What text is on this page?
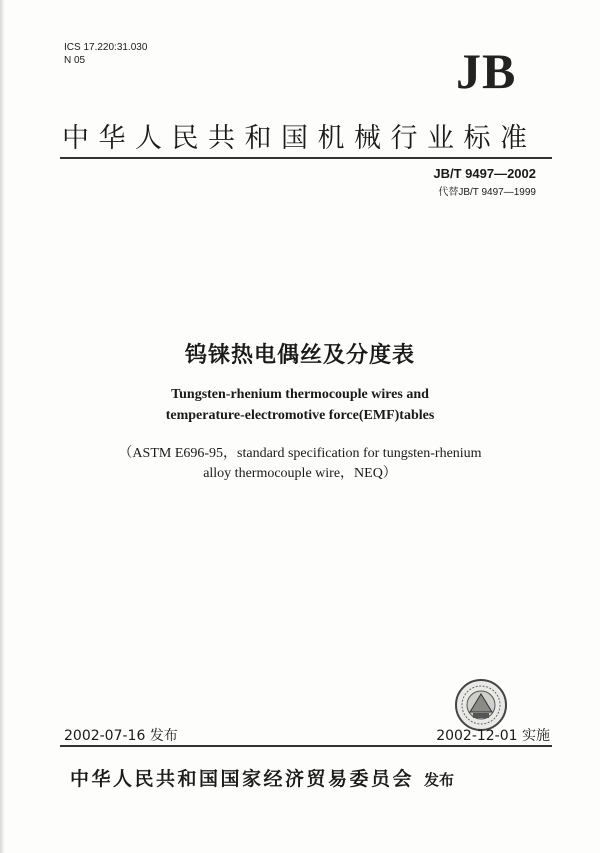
ICS 17.220:31.030
N 05	JB
中华人民共和国机械行业标准
JB/T 9497—2002
代替JB/T 9497—1999
钨铼热电偶丝及分度表
Tungsten-rhenium thermocouple wires and
temperature-electromotive force(EMF)tables
（ASTM E696-95，standard specification for tungsten-rhenium
alloy thermocouple wire，NEQ）
2002-07-16 发布	2002-12-01 实施
中华人民共和国国家经济贸易委员会 发布
